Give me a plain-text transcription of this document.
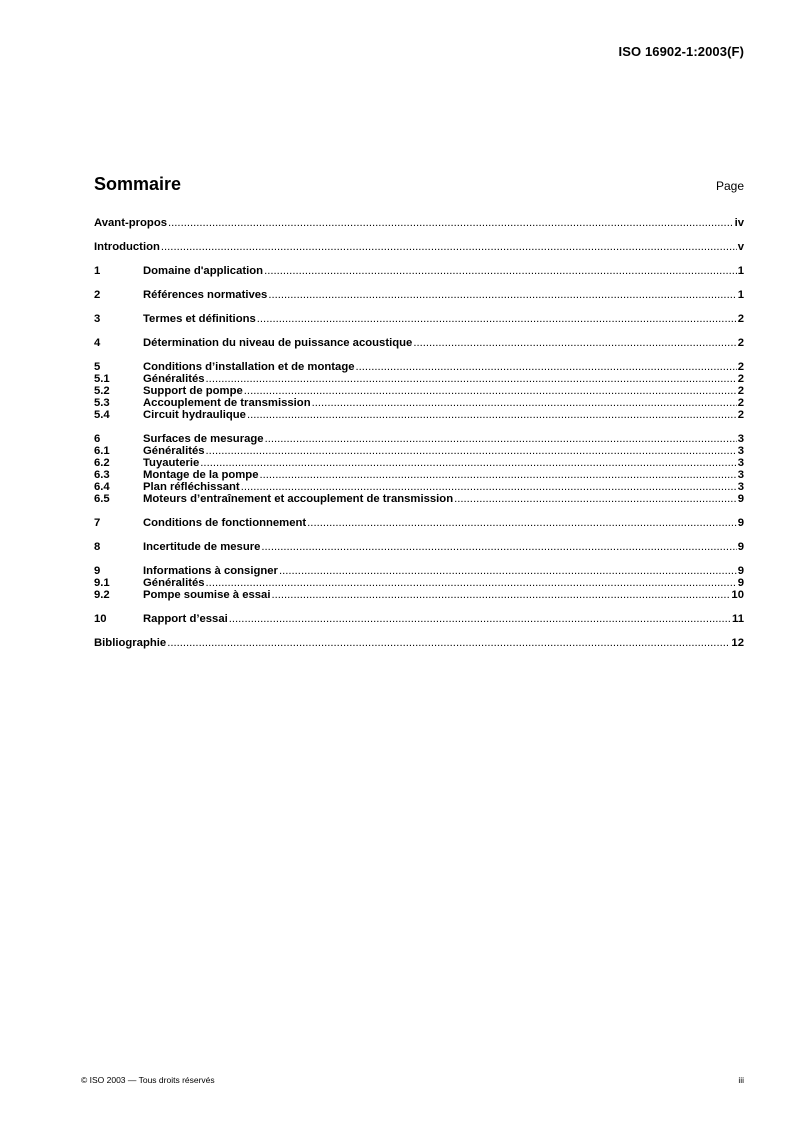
ISO 16902-1:2003(F)
Sommaire	Page
Avant-propos .....	iv
Introduction .....	v
1	Domaine d'application .....	1
2	Références normatives .....	1
3	Termes et définitions .....	2
4	Détermination du niveau de puissance acoustique .....	2
5	Conditions d’installation et de montage .....	2
5.1	Généralités .....	2
5.2	Support de pompe .....	2
5.3	Accouplement de transmission .....	2
5.4	Circuit hydraulique .....	2
6	Surfaces de mesurage .....	3
6.1	Généralités .....	3
6.2	Tuyauterie .....	3
6.3	Montage de la pompe .....	3
6.4	Plan réfléchissant .....	3
6.5	Moteurs d’entraînement et accouplement de transmission .....	9
7	Conditions de fonctionnement .....	9
8	Incertitude de mesure .....	9
9	Informations à consigner .....	9
9.1	Généralités .....	9
9.2	Pompe soumise à essai .....	10
10	Rapport d’essai .....	11
Bibliographie .....	12
© ISO 2003 — Tous droits réservés	iii
